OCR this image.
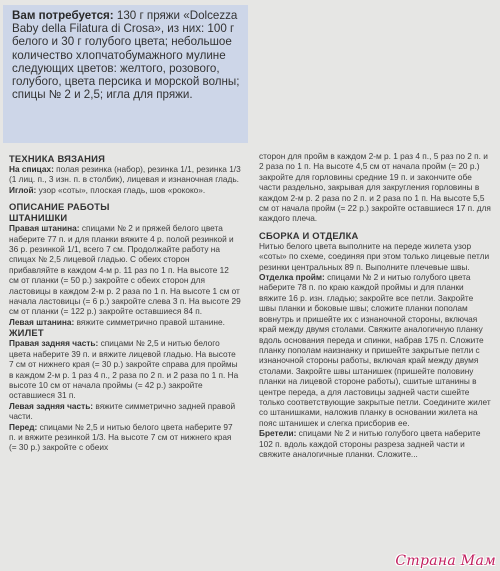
Вам потребуется: 130 г пряжи «Dolcezza Baby della Filatura di Crosa», из них: 100 г белого и 30 г голубого цвета; небольшое количество хлопчатобумажного мулине следующих цветов: желтого, розового, голубого, цвета персика и морской волны; спицы № 2 и 2,5; игла для пряжи.

ТЕХНИКА ВЯЗАНИЯ

На спицах: полая резинка (набор), резинка 1/1, резинка 1/3 (1 лиц. п., 3 изн. п. в столбик), лицевая и изнаночная гладь.

Иглой: узор «соты», плоская гладь, шов «рококо».

ОПИСАНИЕ РАБОТЫ

ШТАНИШКИ

Правая штанина: спицами № 2 и пряжей белого цвета наберите 77 п. и для планки вяжите 4 р. полой резинкой и 36 р. резинкой 1/1, всего 7 см. Продолжайте работу на спицах № 2,5 лицевой гладью. С обеих сторон прибавляйте в каждом 4-м р. 11 раз по 1 п. На высоте 12 см от планки (= 50 р.) закройте с обеих сторон для ластовицы в каждом 2-м р. 2 раза по 1 п. На высоте 1 см от начала ластовицы (= 6 р.) закройте слева 3 п. На высоте 29 см от планки (= 122 р.) закройте оставшиеся 84 п.

Левая штанина: вяжите симметрично правой штанине.

ЖИЛЕТ

Правая задняя часть: спицами № 2,5 и нитью белого цвета наберите 39 п. и вяжите лицевой гладью. На высоте 7 см от нижнего края (= 30 р.) закройте справа для проймы в каждом 2-м р. 1 раз 4 п., 2 раза по 2 п. и 2 раза по 1 п. На высоте 10 см от начала проймы (= 42 р.) закройте оставшиеся 31 п.

Левая задняя часть: вяжите симметрично задней правой части.

Перед: спицами № 2,5 и нитью белого цвета наберите 97 п. и вяжите резинкой 1/3. На высоте 7 см от нижнего края (= 30 р.) закройте с обеих

сторон для пройм в каждом 2-м р. 1 раз 4 п., 5 раз по 2 п. и 2 раза по 1 п. На высоте 4,5 см от начала пройм (= 20 р.) закройте для горловины средние 19 п. и закончите обе части раздельно, закрывая для закругления горловины в каждом 2-м р. 2 раза по 2 п. и 2 раза по 1 п. На высоте 5,5 см от начала пройм (= 22 р.) закройте оставшиеся 17 п. для каждого плеча.

СБОРКА И ОТДЕЛКА

Нитью белого цвета выполните на переде жилета узор «соты» по схеме, соединяя при этом только лицевые петли резинки центральных 89 п. Выполните плечевые швы.

Отделка пройм: спицами № 2 и нитью голубого цвета наберите 78 п. по краю каждой проймы и для планки вяжите 16 р. изн. гладью; закройте все петли. Закройте швы планки и боковые швы; сложите планки пополам вовнутрь и пришейте их с изнаночной стороны, включая край между двумя столами. Свяжите аналогичную планку вдоль основания переда и спинки, набрав 175 п. Сложите планку пополам наизнанку и пришейте закрытые петли с изнаночной стороны работы, включая край между двумя столами. Закройте швы штанишек (пришейте половину планки на лицевой стороне работы), сшитые штанины в центре переда, а для ластовицы задней части сшейте только соответствующие закрытые петли. Соедините жилет со штанишками, наложив планку в основании жилета на пояс штанишек и слегка присборив ее.

Бретели: спицами № 2 и нитью голубого цвета наберите 102 п. вдоль каждой стороны разреза задней части и свяжите аналогичные планки. Сложите...

Страна Мам
